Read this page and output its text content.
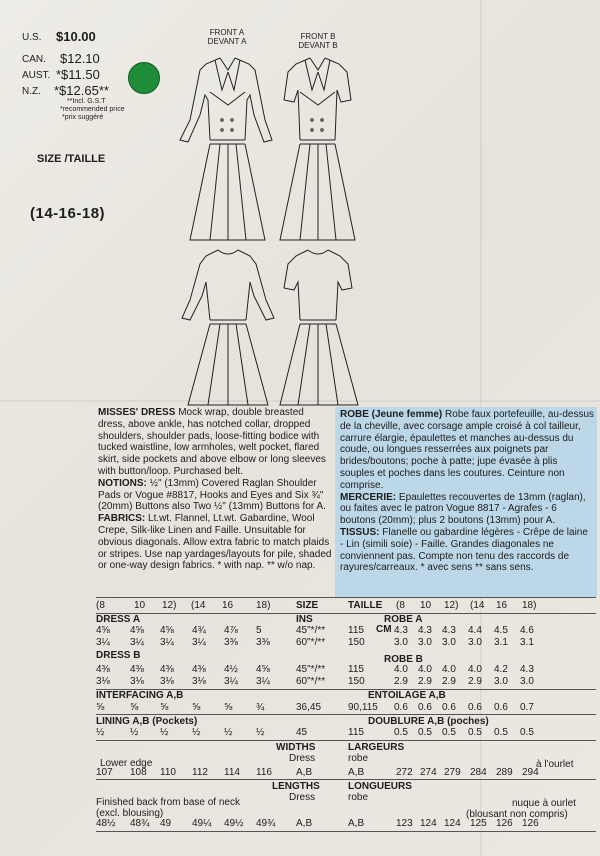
U.S. $10.00
CAN. $12.10
AUST. *$11.50
N.Z. *$12.65**
**Incl. G.S.T
*recommended price
*prix suggéré
SIZE /TAILLE
(14-16-18)
FRONT A
DEVANT A
FRONT B
DEVANT B
MISSES' DRESS Mock wrap, double breasted dress, above ankle, has notched collar, dropped shoulders, shoulder pads, loose-fitting bodice with tucked waistline, low armholes, welt pocket, flared skirt, side pockets and above elbow or long sleeves with button/loop. Purchased belt.
NOTIONS: ½" (13mm) Covered Raglan Shoulder Pads or Vogue #8817, Hooks and Eyes and Six ¾" (20mm) Buttons also Two ½" (13mm) Buttons for A.
FABRICS: Lt.wt. Flannel, Lt.wt. Gabardine, Wool Crepe, Silk-like Linen and Faille. Unsuitable for obvious diagonals. Allow extra fabric to match plaids or stripes. Use nap yardages/layouts for pile, shaded or one-way design fabrics. * with nap. ** w/o nap.
ROBE (Jeune femme) Robe faux portefeuille, au-dessus de la cheville, avec corsage ample croisé à col tailleur, carrure élargie, épaulettes et manches au-dessus du coude, ou longues resserrées aux poignets par brides/boutons; poche à patte; jupe évasée à plis souples et poches dans les coutures. Ceinture non comprise.
MERCERIE: Epaulettes recouvertes de 13mm (raglan), ou faites avec le patron Vogue 8817 - Agrafes - 6 boutons (20mm); plus 2 boutons (13mm) pour A.
TISSUS: Flanelle ou gabardine légères - Crêpe de laine - Lin (simili soie) - Faille. Grandes diagonales ne conviennent pas. Compte non tenu des raccords de rayures/carreaux. * avec sens ** sans sens.
(8	10 12) (14 16 18)	SIZE	TAILLE (8 10 12) (14 16 18)
DRESS A	INS	ROBE A
CM
4⅝ 4⅝ 4⅝ 4¾ 4⅞ 5	45"*/** 115	4.3 4.3 4.3 4.4 4.5 4.6
3¼ 3¼ 3¼ 3¼ 3⅜ 3⅜	60"*/** 150	3.0 3.0 3.0 3.0 3.1 3.1
DRESS B	ROBE B
4⅜ 4⅜ 4⅜ 4⅜ 4½ 4⅝	45"*/** 115	4.0 4.0 4.0 4.0 4.2 4.3
3⅛ 3⅛ 3⅛ 3⅛ 3¼ 3¼	60"*/** 150	2.9 2.9 2.9 2.9 3.0 3.0
INTERFACING A,B	ENTOILAGE A,B
⅝	⅝ ⅝ ⅝ ⅝ ¾	36,45	90,115 0.6 0.6 0.6 0.6 0.6 0.7
LINING A,B (Pockets)	DOUBLURE A,B (poches)
½	½ ½ ½ ½ ½	45	115	0.5 0.5 0.5 0.5 0.5 0.5
WIDTHS	LARGEURS
Dress	robe
Lower edge	à l'ourlet
107 108 110 112 114 116 A,B	A,B	272 274 279 284 289 294
LENGTHS	LONGUEURS
Dress	robe
Finished back from base of neck
(excl. blousing)
nuque à ourlet
(blousant non compris)
48½ 48¾ 49 49¼ 49½ 49¾ A,B	A,B	123 124 124 125 126 126
